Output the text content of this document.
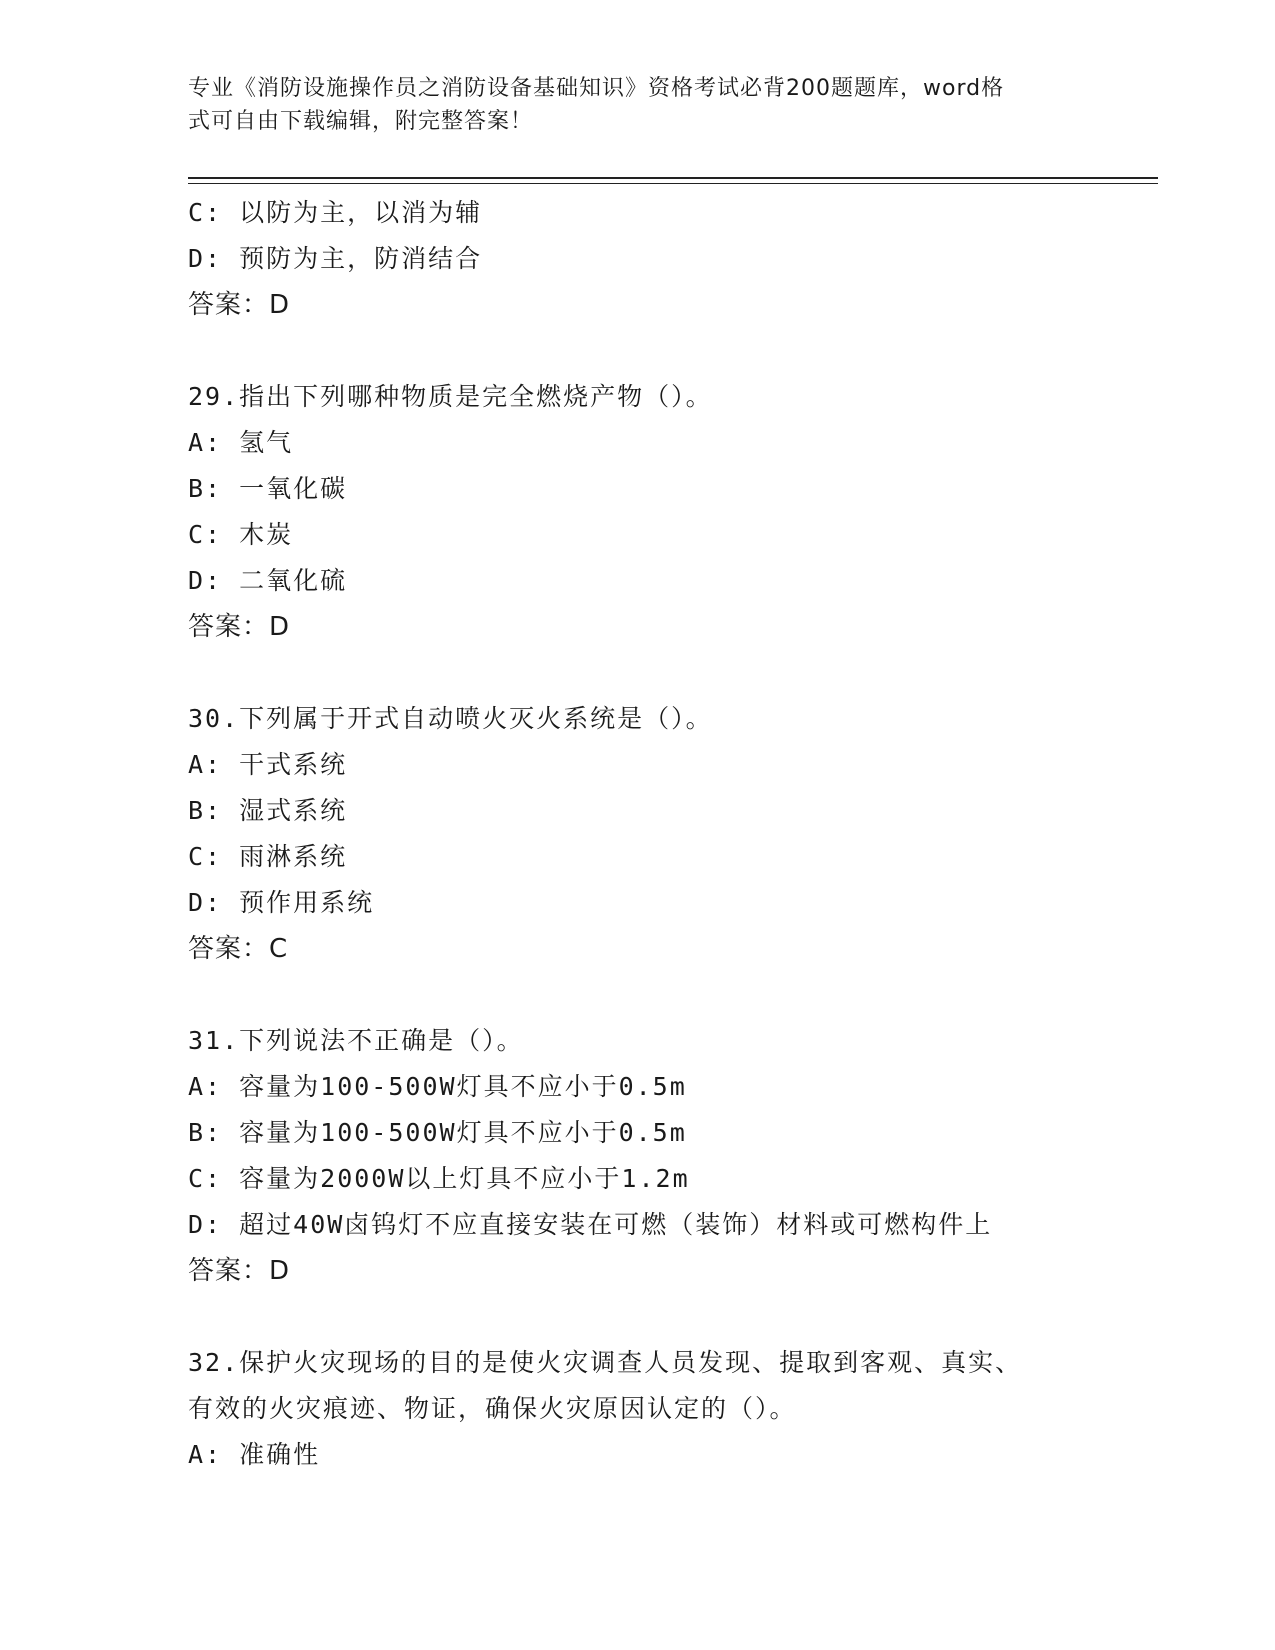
专业《消防设施操作员之消防设备基础知识》资格考试必背200题题库，word格
式可自由下载编辑，附完整答案！
C: 以防为主，以消为辅
D: 预防为主，防消结合
答案：D
29.指出下列哪种物质是完全燃烧产物（）。
A: 氢气
B: 一氧化碳
C: 木炭
D: 二氧化硫
答案：D
30.下列属于开式自动喷火灭火系统是（）。
A: 干式系统
B: 湿式系统
C: 雨淋系统
D: 预作用系统
答案：C
31.下列说法不正确是（）。
A: 容量为100-500W灯具不应小于0.5m
B: 容量为100-500W灯具不应小于0.5m
C: 容量为2000W以上灯具不应小于1.2m
D: 超过40W卤钨灯不应直接安装在可燃（装饰）材料或可燃构件上
答案：D
32.保护火灾现场的目的是使火灾调查人员发现、提取到客观、真实、
有效的火灾痕迹、物证，确保火灾原因认定的（）。
A: 准确性
